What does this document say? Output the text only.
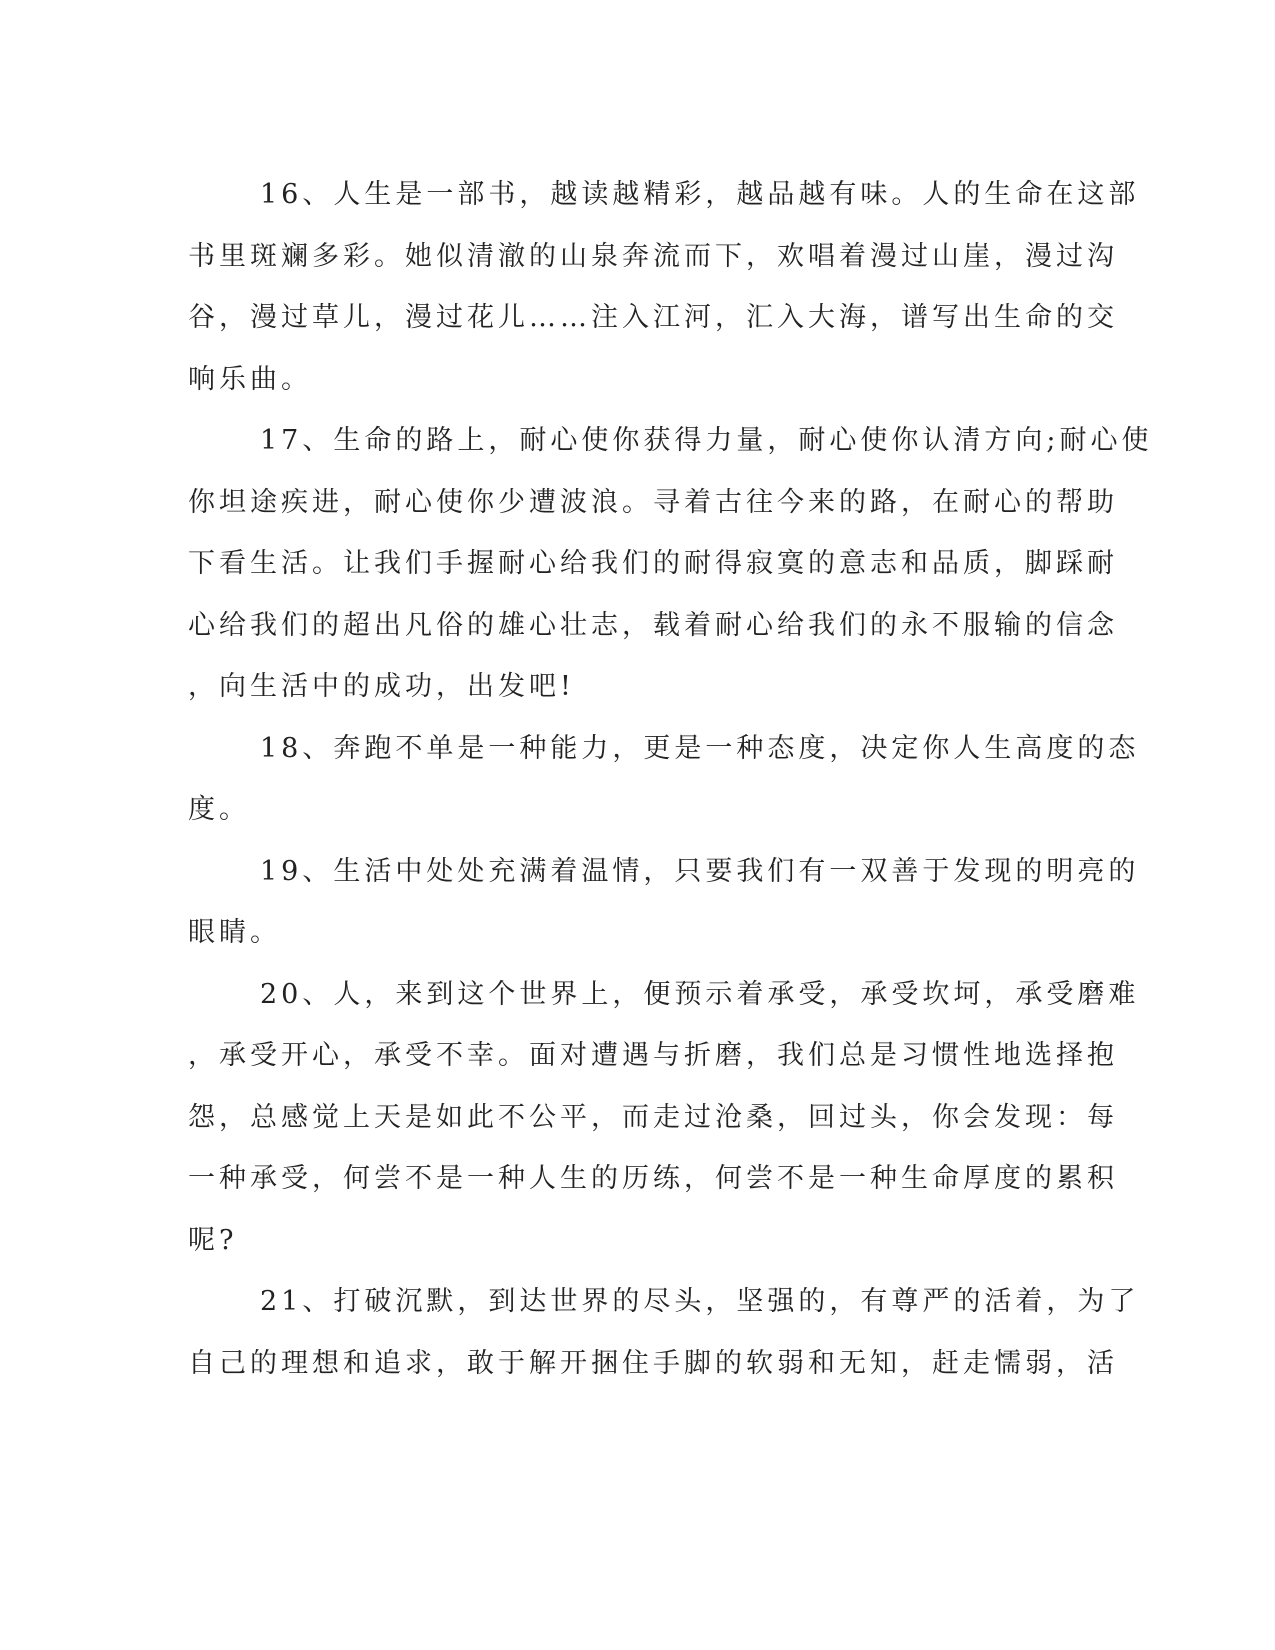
16、人生是一部书，越读越精彩，越品越有味。人的生命在这部
书里斑斓多彩。她似清澈的山泉奔流而下，欢唱着漫过山崖，漫过沟
谷，漫过草儿，漫过花儿……注入江河，汇入大海，谱写出生命的交
响乐曲。
17、生命的路上，耐心使你获得力量，耐心使你认清方向;耐心使
你坦途疾进，耐心使你少遭波浪。寻着古往今来的路，在耐心的帮助
下看生活。让我们手握耐心给我们的耐得寂寞的意志和品质，脚踩耐
心给我们的超出凡俗的雄心壮志，载着耐心给我们的永不服输的信念
，向生活中的成功，出发吧!
18、奔跑不单是一种能力，更是一种态度，决定你人生高度的态
度。
19、生活中处处充满着温情，只要我们有一双善于发现的明亮的
眼睛。
20、人，来到这个世界上，便预示着承受，承受坎坷，承受磨难
，承受开心，承受不幸。面对遭遇与折磨，我们总是习惯性地选择抱
怨，总感觉上天是如此不公平，而走过沧桑，回过头，你会发现：每
一种承受，何尝不是一种人生的历练，何尝不是一种生命厚度的累积
呢?
21、打破沉默，到达世界的尽头，坚强的，有尊严的活着，为了
自己的理想和追求，敢于解开捆住手脚的软弱和无知，赶走懦弱，活
